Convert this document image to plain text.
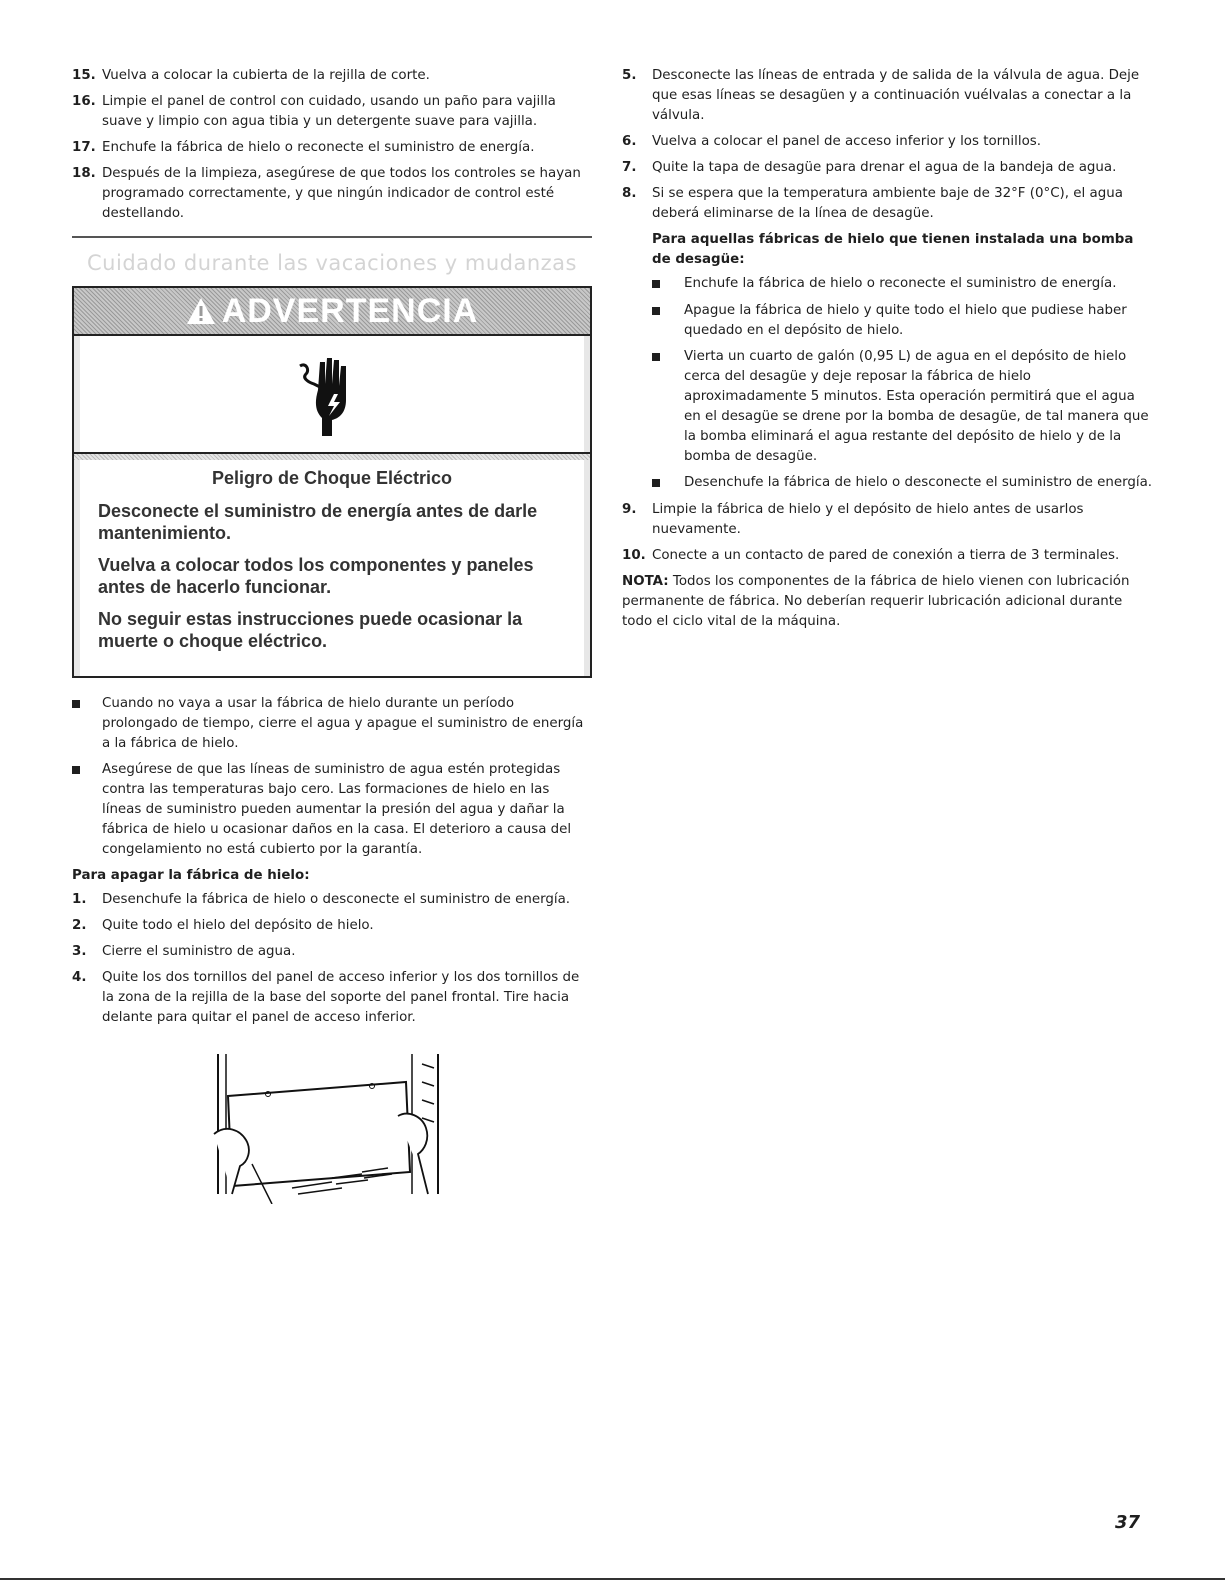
15. Vuelva a colocar la cubierta de la rejilla de corte.
16. Limpie el panel de control con cuidado, usando un paño para vajilla suave y limpio con agua tibia y un detergente suave para vajilla.
17. Enchufe la fábrica de hielo o reconecte el suministro de energía.
18. Después de la limpieza, asegúrese de que todos los controles se hayan programado correctamente, y que ningún indicador de control esté destellando.
Cuidado durante las vacaciones y mudanzas
ADVERTENCIA
Peligro de Choque Eléctrico
Desconecte el suministro de energía antes de darle mantenimiento.
Vuelva a colocar todos los componentes y paneles antes de hacerlo funcionar.
No seguir estas instrucciones puede ocasionar la muerte o choque eléctrico.
Cuando no vaya a usar la fábrica de hielo durante un período prolongado de tiempo, cierre el agua y apague el suministro de energía a la fábrica de hielo.
Asegúrese de que las líneas de suministro de agua estén protegidas contra las temperaturas bajo cero. Las formaciones de hielo en las líneas de suministro pueden aumentar la presión del agua y dañar la fábrica de hielo u ocasionar daños en la casa. El deterioro a causa del congelamiento no está cubierto por la garantía.
Para apagar la fábrica de hielo:
1.	Desenchufe la fábrica de hielo o desconecte el suministro de energía.
2.	Quite todo el hielo del depósito de hielo.
3.	Cierre el suministro de agua.
4.	Quite los dos tornillos del panel de acceso inferior y los dos tornillos de la zona de la rejilla de la base del soporte del panel frontal. Tire hacia delante para quitar el panel de acceso inferior.
5.	Desconecte las líneas de entrada y de salida de la válvula de agua. Deje que esas líneas se desagüen y a continuación vuélvalas a conectar a la válvula.
6.	Vuelva a colocar el panel de acceso inferior y los tornillos.
7.	Quite la tapa de desagüe para drenar el agua de la bandeja de agua.
8.	Si se espera que la temperatura ambiente baje de 32°F (0°C), el agua deberá eliminarse de la línea de desagüe.
Para aquellas fábricas de hielo que tienen instalada una bomba de desagüe:
Enchufe la fábrica de hielo o reconecte el suministro de energía.
Apague la fábrica de hielo y quite todo el hielo que pudiese haber quedado en el depósito de hielo.
Vierta un cuarto de galón (0,95 L) de agua en el depósito de hielo cerca del desagüe y deje reposar la fábrica de hielo aproximadamente 5 minutos. Esta operación permitirá que el agua en el desagüe se drene por la bomba de desagüe, de tal manera que la bomba eliminará el agua restante del depósito de hielo y de la bomba de desagüe.
Desenchufe la fábrica de hielo o desconecte el suministro de energía.
9.	Limpie la fábrica de hielo y el depósito de hielo antes de usarlos nuevamente.
10. Conecte a un contacto de pared de conexión a tierra de 3 terminales.

NOTA: Todos los componentes de la fábrica de hielo vienen con lubricación permanente de fábrica. No deberían requerir lubricación adicional durante todo el ciclo vital de la máquina.

37
